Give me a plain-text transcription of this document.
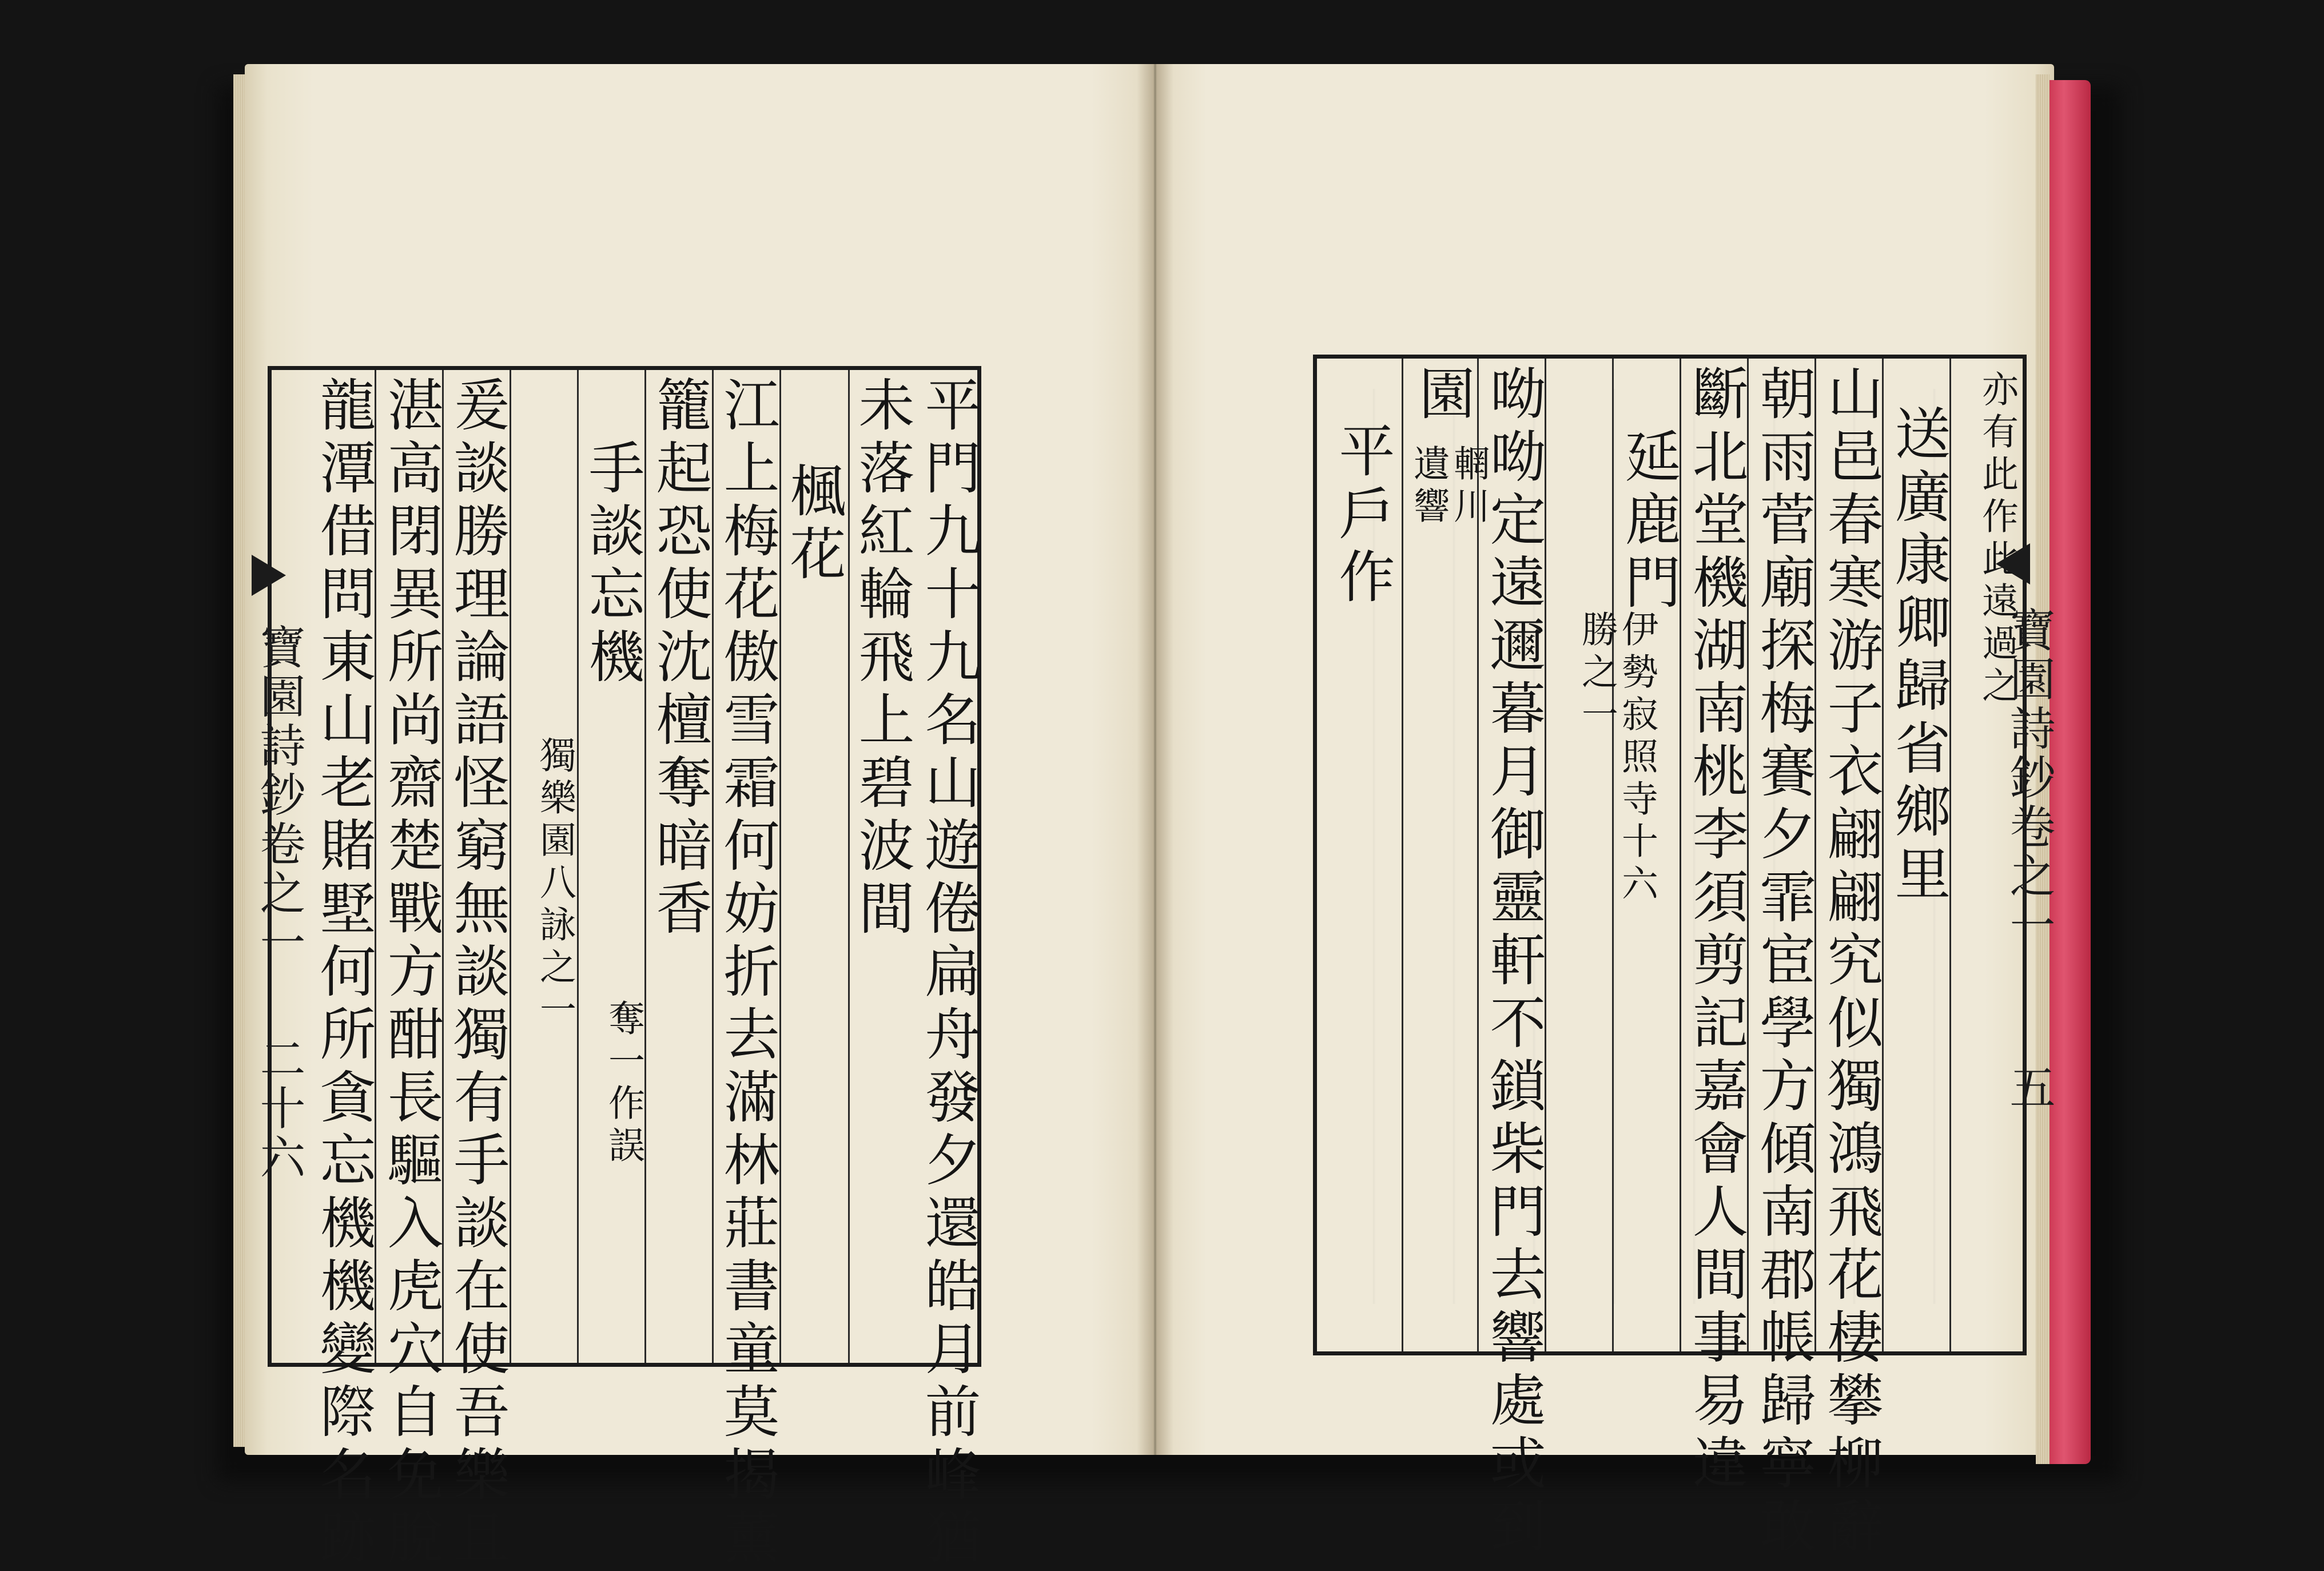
寶園詩鈔卷之一
二十六	平門九十九名山遊倦扁舟發夕還皓月前峰猶
未落紅輪飛上碧波間
楓花
江上梅花傲雪霜何妨折去滿林莊書童莫揭薰
籠起恐使沈檀奪暗香
奪一作誤
手談忘機
獨樂園八詠之一
爰談勝理論語怪窮無談獨有手談在使吾樂且
湛高閉異所尚齋楚戰方酣長驅入虎穴自免脫
龍潭借問東山老賭墅何所貪忘機機變際名跡	亦有此作此遠過之
送廣康卿歸省鄉里
山邑春寒游子衣翩翩究似獨鴻飛花棲攀柳辭
朝雨菅廟探梅賽夕霏宦學方傾南郡帳歸寧敢
斷北堂機湖南桃李須剪記嘉會人間事易違
延鹿門
伊勢寂照寺十六勝之一
呦呦定遠邇暮月御靈軒不鎖柴門去響處或到
園
輞川遺響
平戶作
寶園詩鈔卷之一
五
